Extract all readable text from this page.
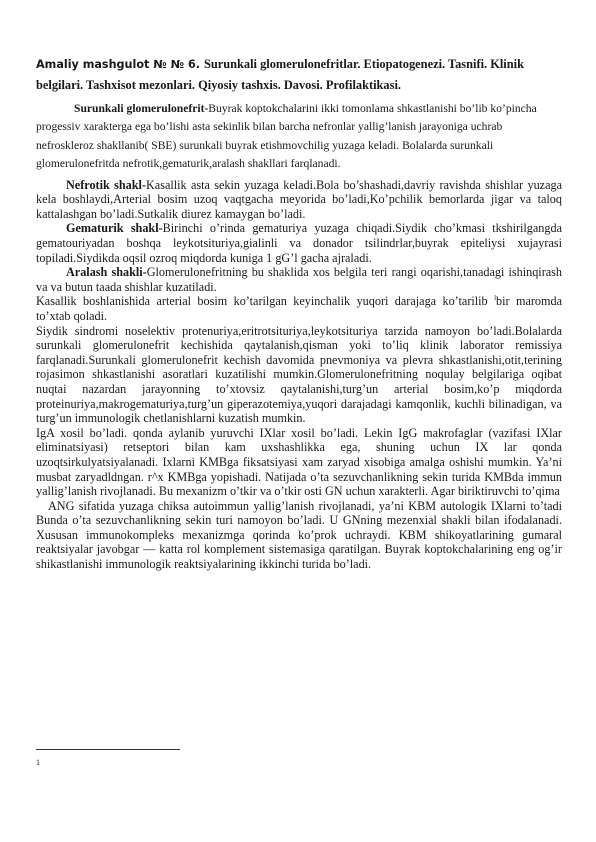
Amaliy mashgulot № № 6. Surunkali glomerulonefritlar. Etiopatogenezi. Tasnifi. Klinik belgilari. Tashxisot mezonlari. Qiyosiy tashxis. Davosi. Profilaktikasi.

Surunkali glomerulonefrit-Buyrak koptokchalarini ikki tomonlama shkastlanishi bo’lib ko’pincha progessiv xarakterga ega bo’lishi asta sekinlik bilan barcha nefronlar yallig’lanish jarayoniga uchrab nefroskleroz shakllanib( SBE) surunkali buyrak etishmovchilig yuzaga keladi. Bolalarda surunkali glomerulonefritda nefrotik,gematurik,aralash shakllari farqlanadi.

Nefrotik shakl-Kasallik asta sekin yuzaga keladi.Bola bo’shashadi,davriy ravishda shishlar yuzaga kela boshlaydi,Arterial bosim uzoq vaqtgacha meyorida bo’ladi,Ko’pchilik bemorlarda jigar va taloq kattalashgan bo’ladi.Sutkalik diurez kamaygan bo’ladi.

Gematurik shakl-Birinchi o’rinda gematuriya yuzaga chiqadi.Siydik cho’kmasi tkshirilgangda gematouriyadan boshqa leykotsituriya,gialinli va donador tsilindrlar,buyrak epiteliysi xujayrasi topiladi.Siydikda oqsil ozroq miqdorda kuniga 1 gG’l gacha ajraladi.

Aralash shakli-Glomerulonefritning bu shaklida xos belgila teri rangi oqarishi,tanadagi ishinqirash va va butun taada shishlar kuzatiladi.

Kasallik boshlanishida arterial bosim ko’tarilgan keyinchalik yuqori darajaga ko’tarilib $^l$bir maromda to’xtab qoladi.

Siydik sindromi noselektiv protenuriya,eritrotsituriya,leykotsituriya tarzida namoyon bo’ladi.Bolalarda surunkali glomerulonefrit kechishida qaytalanish,qisman yoki to’liq klinik laborator remissiya farqlanadi.Surunkali glomerulonefrit kechish davomida pnevmoniya va plevra shkastlanishi,otit,terining rojasimon shkastlanishi asoratlari kuzatilishi mumkin.Glomerulonefritning noqulay belgilariga oqibat nuqtai nazardan jarayonning to’xtovsiz qaytalanishi,turg’un arterial bosim,ko’p miqdorda proteinuriya,makrogematuriya,turg’un giperazotemiya,yuqori darajadagi kamqonlik, kuchli bilinadigan, va turg’un immunologik chetlanishlarni kuzatish mumkin.

IgA xosil bo’ladi. qonda aylanib yuruvchi IXlar xosil bo’ladi. Lekin IgG makrofaglar (vazifasi IXlar eliminatsiyasi) retseptori bilan kam uxshashlikka ega, shuning uchun IX lar qonda uzoqtsirkulyatsiyalanadi. Ixlarni KMBga fiksatsiyasi xam zaryad xisobiga amalga oshishi mumkin. Ya’ni musbat zaryadldngan. r^x KMBga yopishadi. Natijada o’ta sezuvchanlikning sekin turida KMBda immun yallig’lanish rivojlanadi. Bu mexanizm o’tkir va o’tkir osti GN uchun xarakterli. Agar biriktiruvchi to’qima

ANG sifatida yuzaga chiksa autoimmun yallig’lanish rivojlanadi, ya’ni KBM autologik IXlarni to’tadi Bunda o’ta sezuvchanlikning sekin turi namoyon bo’ladi. U GNning mezenxial shakli bilan ifodalanadi. Xususan immunokompleks mexanizmga qorinda ko’prok uchraydi. KBM shikoyatlarining gumaral reaktsiyalar javobgar — katta rol komplement sistemasiga qaratilgan. Buyrak koptokchalarining eng og’ir shikastlanishi immunologik reaktsiyalarining ikkinchi turida bo’ladi.

1
